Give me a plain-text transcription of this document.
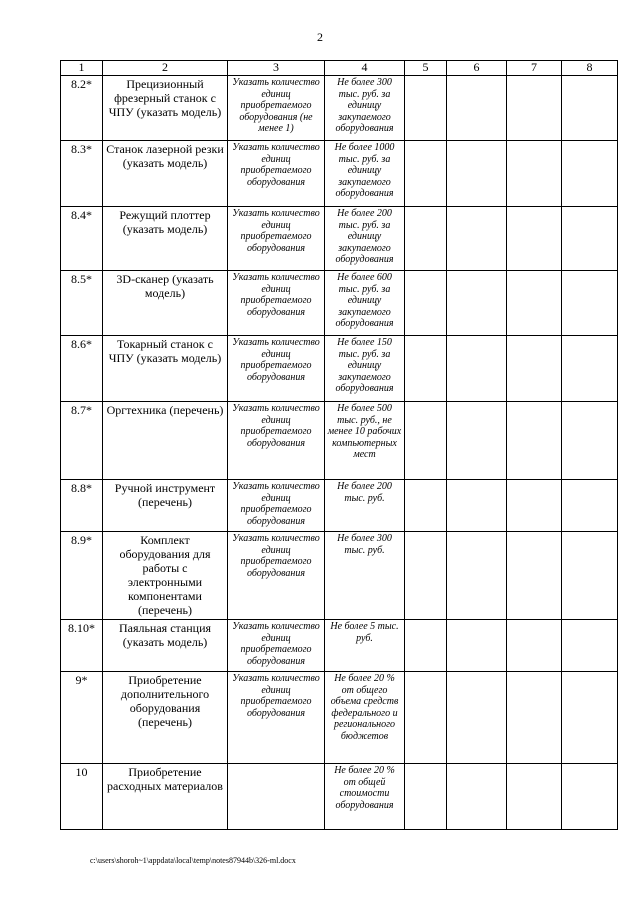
2
1	2	3	4	5	6	7	8
8.2*	Прецизионный фрезерный станок с ЧПУ (указать модель)	Указать количество единиц приобретаемого оборудования (не менее 1)	Не более 300 тыс. руб. за единицу закупаемого оборудования				
8.3*	Станок лазерной резки (указать модель)	Указать количество единиц приобретаемого оборудования	Не более 1000 тыс. руб. за единицу закупаемого оборудования				
8.4*	Режущий плоттер (указать модель)	Указать количество единиц приобретаемого оборудования	Не более 200 тыс. руб. за единицу закупаемого оборудования				
8.5*	3D-сканер (указать модель)	Указать количество единиц приобретаемого оборудования	Не более 600 тыс. руб. за единицу закупаемого оборудования				
8.6*	Токарный станок с ЧПУ (указать модель)	Указать количество единиц приобретаемого оборудования	Не более 150 тыс. руб. за единицу закупаемого оборудования				
8.7*	Оргтехника (перечень)	Указать количество единиц приобретаемого оборудования	Не более 500 тыс. руб., не менее 10 рабочих компьютерных мест				
8.8*	Ручной инструмент (перечень)	Указать количество единиц приобретаемого оборудования	Не более 200 тыс. руб.				
8.9*	Комплект оборудования для работы с электронными компонентами (перечень)	Указать количество единиц приобретаемого оборудования	Не более 300 тыс. руб.				
8.10*	Паяльная станция (указать модель)	Указать количество единиц приобретаемого оборудования	Не более 5 тыс. руб.				
9*	Приобретение дополнительного оборудования (перечень)	Указать количество единиц приобретаемого оборудования	Не более 20 % от общего объема средств федерального и регионального бюджетов				
10	Приобретение расходных материалов		Не более 20 % от общей стоимости оборудования				
c:\users\shoroh~1\appdata\local\temp\notes87944b\326-ml.docx
